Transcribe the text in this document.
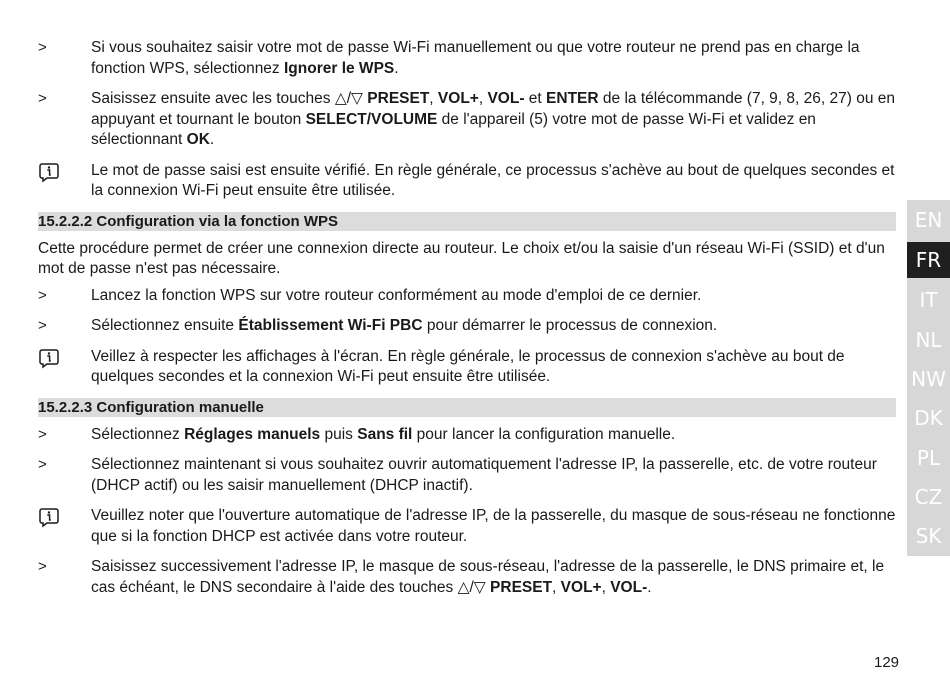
>
Si vous souhaitez saisir votre mot de passe Wi-Fi manuellement ou que votre routeur ne prend pas en charge la fonction WPS, sélectionnez Ignorer le WPS.
>
Saisissez ensuite avec les touches △/▽ PRESET, VOL+, VOL- et ENTER de la télécommande (7, 9, 8, 26, 27) ou en appuyant et tournant le bouton SELECT/VOLUME de l'appareil (5) votre mot de passe Wi-Fi et validez en sélectionnant OK.
Le mot de passe saisi est ensuite vérifié. En règle générale, ce processus s'achève au bout de quelques secondes et la connexion Wi-Fi peut ensuite être utilisée.
15.2.2.2 Configuration via la fonction WPS
Cette procédure permet de créer une connexion directe au routeur. Le choix et/ou la saisie d'un réseau Wi-Fi (SSID) et d'un mot de passe n'est pas nécessaire.
>
Lancez la fonction WPS sur votre routeur conformément au mode d'emploi de ce dernier.
>
Sélectionnez ensuite Établissement Wi-Fi PBC pour démarrer le processus de connexion.
Veillez à respecter les affichages à l'écran. En règle générale, le processus de connexion s'achève au bout de quelques secondes et la connexion Wi-Fi peut ensuite être utilisée.
15.2.2.3 Configuration manuelle
>
Sélectionnez Réglages manuels puis Sans fil pour lancer la configuration manuelle.
>
Sélectionnez maintenant si vous souhaitez ouvrir automatiquement l'adresse IP, la passerelle, etc. de votre routeur (DHCP actif) ou les saisir manuellement (DHCP inactif).
Veuillez noter que l'ouverture automatique de l'adresse IP, de la passerelle, du masque de sous-réseau ne fonctionne que si la fonction DHCP est activée dans votre routeur.
>
Saisissez successivement l'adresse IP, le masque de sous-réseau, l'adresse de la passerelle, le DNS primaire et, le cas échéant, le DNS secondaire à l'aide des touches △/▽ PRESET, VOL+, VOL-.
EN
FR
IT
NL
NW
DK
PL
CZ
SK
129
